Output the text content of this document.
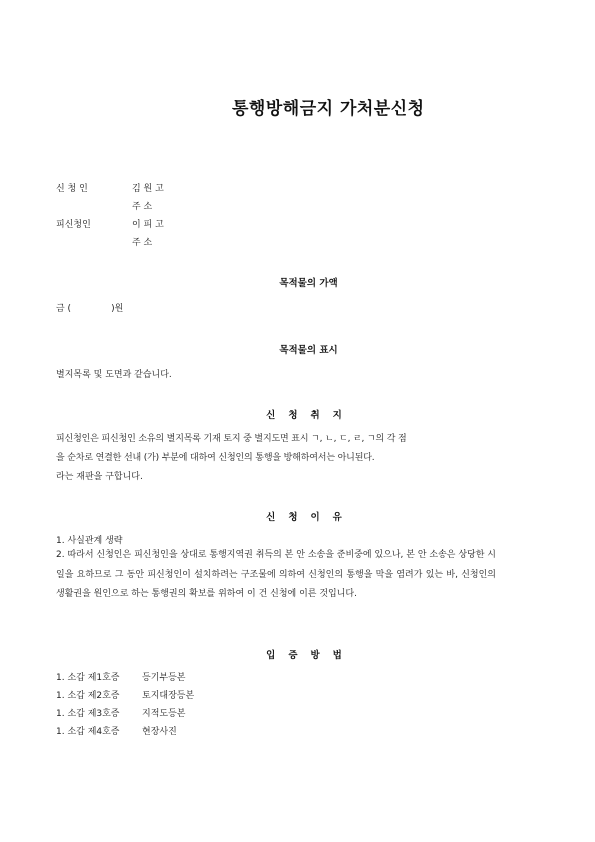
통행방해금지 가처분신청
신 청 인	김 원 고
주 소
피신청인	이 피 고
주 소
목적물의 가액
금 (              )원
목적물의 표시
별지목록 및 도면과 같습니다.
신청취지
피신청인은 피신청인 소유의 별지목록 기재 토지 중 별지도면 표시 ㄱ, ㄴ, ㄷ, ㄹ, ㄱ의 각 점
을 순차로 연결한 선내 (가) 부분에 대하여 신청인의 통행을 방해하여서는 아니된다.
라는 재판을 구합니다.
신청이유
1. 사실관계 생략
2. 따라서 신청인은 피신청인을 상대로 통행지역권 취득의 본 안 소송을 준비중에 있으나, 본 안 소송은 상당한 시일을 요하므로 그 동안 피신청인이 설치하려는 구조물에 의하여 신청인의 통행을 막을 염려가 있는 바, 신청인의 생활권을 원인으로 하는 통행권의 확보를 위하여 이 건 신청에 이른 것입니다.
입증방법
1. 소갑 제1호증 등기부등본
1. 소갑 제2호증 토지대장등본
1. 소갑 제3호증 지적도등본
1. 소갑 제4호증 현장사진
